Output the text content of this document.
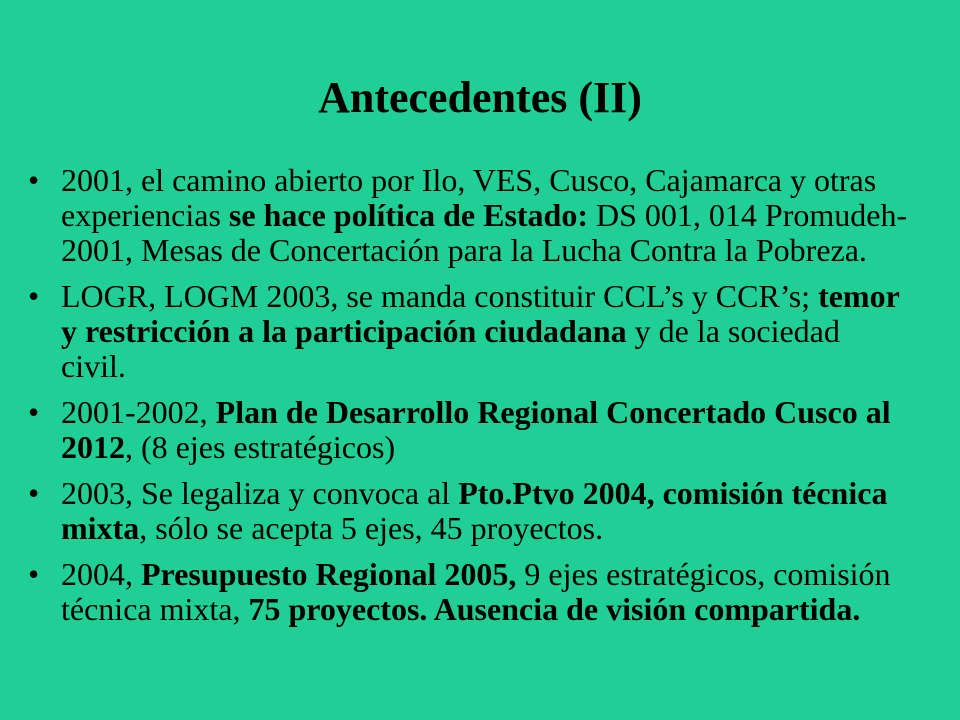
Antecedentes (II)
• 2001, el camino abierto por Ilo, VES, Cusco, Cajamarca y otras experiencias se hace política de Estado: DS 001, 014 Promudeh-2001, Mesas de Concertación para la Lucha Contra la Pobreza.
• LOGR, LOGM 2003, se manda constituir CCL’s y CCR’s; temor y restricción a la participación ciudadana y de la sociedad civil.
• 2001-2002, Plan de Desarrollo Regional Concertado Cusco al 2012, (8 ejes estratégicos)
• 2003, Se legaliza y convoca al Pto.Ptvo 2004, comisión técnica mixta, sólo se acepta 5 ejes, 45 proyectos.
• 2004, Presupuesto Regional 2005, 9 ejes estratégicos, comisión técnica mixta, 75 proyectos. Ausencia de visión compartida.
